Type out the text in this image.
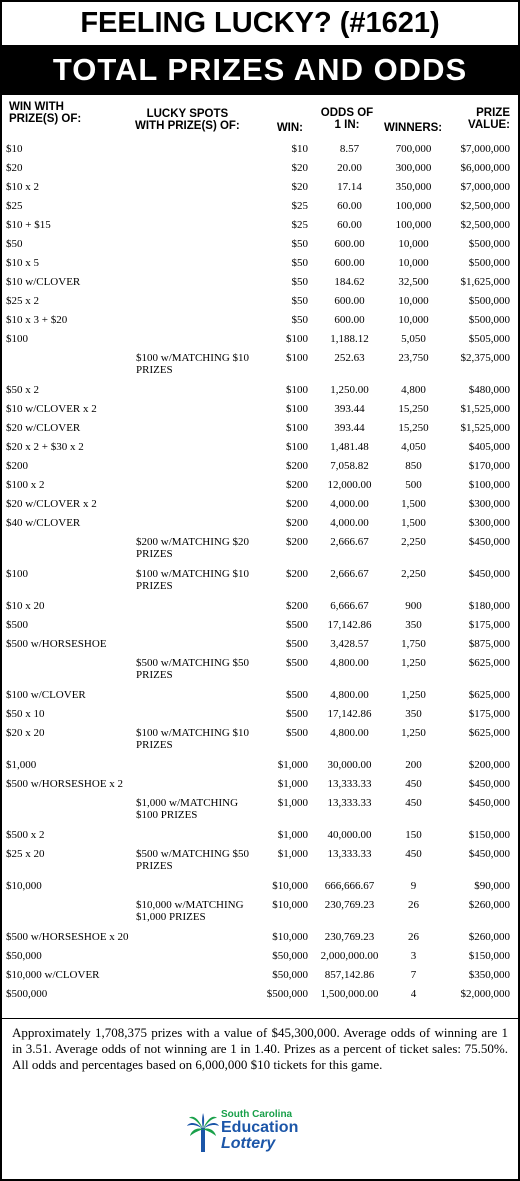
FEELING LUCKY? (#1621)
TOTAL PRIZES AND ODDS
WIN WITH
PRIZE(S) OF:	LUCKY SPOTS
WITH PRIZE(S) OF:	WIN:
ODDS OF
1 IN:	WINNERS:
PRIZE
VALUE:
$10		$10	8.57	700,000	$7,000,000
$20		$20	20.00	300,000	$6,000,000
$10 x 2		$20	17.14	350,000	$7,000,000
$25		$25	60.00	100,000	$2,500,000
$10 + $15		$25	60.00	100,000	$2,500,000
$50		$50	600.00	10,000	$500,000
$10 x 5		$50	600.00	10,000	$500,000
$10 w/CLOVER		$50	184.62	32,500	$1,625,000
$25 x 2		$50	600.00	10,000	$500,000
$10 x 3 + $20		$50	600.00	10,000	$500,000
$100		$100	1,188.12	5,050	$505,000
	$100 w/MATCHING $10 PRIZES	$100	252.63	23,750	$2,375,000
$50 x 2		$100	1,250.00	4,800	$480,000
$10 w/CLOVER x 2		$100	393.44	15,250	$1,525,000
$20 w/CLOVER		$100	393.44	15,250	$1,525,000
$20 x 2 + $30 x 2		$100	1,481.48	4,050	$405,000
$200		$200	7,058.82	850	$170,000
$100 x 2		$200	12,000.00	500	$100,000
$20 w/CLOVER x 2		$200	4,000.00	1,500	$300,000
$40 w/CLOVER		$200	4,000.00	1,500	$300,000
	$200 w/MATCHING $20 PRIZES	$200	2,666.67	2,250	$450,000
$100	$100 w/MATCHING $10 PRIZES	$200	2,666.67	2,250	$450,000
$10 x 20		$200	6,666.67	900	$180,000
$500		$500	17,142.86	350	$175,000
$500 w/HORSESHOE		$500	3,428.57	1,750	$875,000
	$500 w/MATCHING $50 PRIZES	$500	4,800.00	1,250	$625,000
$100 w/CLOVER		$500	4,800.00	1,250	$625,000
$50 x 10		$500	17,142.86	350	$175,000
$20 x 20	$100 w/MATCHING $10 PRIZES	$500	4,800.00	1,250	$625,000
$1,000		$1,000	30,000.00	200	$200,000
$500 w/HORSESHOE x 2		$1,000	13,333.33	450	$450,000
	$1,000 w/MATCHING $100 PRIZES	$1,000	13,333.33	450	$450,000
$500 x 2		$1,000	40,000.00	150	$150,000
$25 x 20	$500 w/MATCHING $50 PRIZES	$1,000	13,333.33	450	$450,000
$10,000		$10,000	666,666.67	9	$90,000
	$10,000 w/MATCHING $1,000 PRIZES	$10,000	230,769.23	26	$260,000
$500 w/HORSESHOE x 20		$10,000	230,769.23	26	$260,000
$50,000		$50,000	2,000,000.00	3	$150,000
$10,000 w/CLOVER		$50,000	857,142.86	7	$350,000
$500,000		$500,000	1,500,000.00	4	$2,000,000
Approximately 1,708,375 prizes with a value of $45,300,000. Average odds of winning are 1 in 3.51. Average odds of not winning are 1 in 1.40. Prizes as a percent of ticket sales: 75.50%. All odds and percentages based on 6,000,000 $10 tickets for this game.
South Carolina
Education
Lottery
